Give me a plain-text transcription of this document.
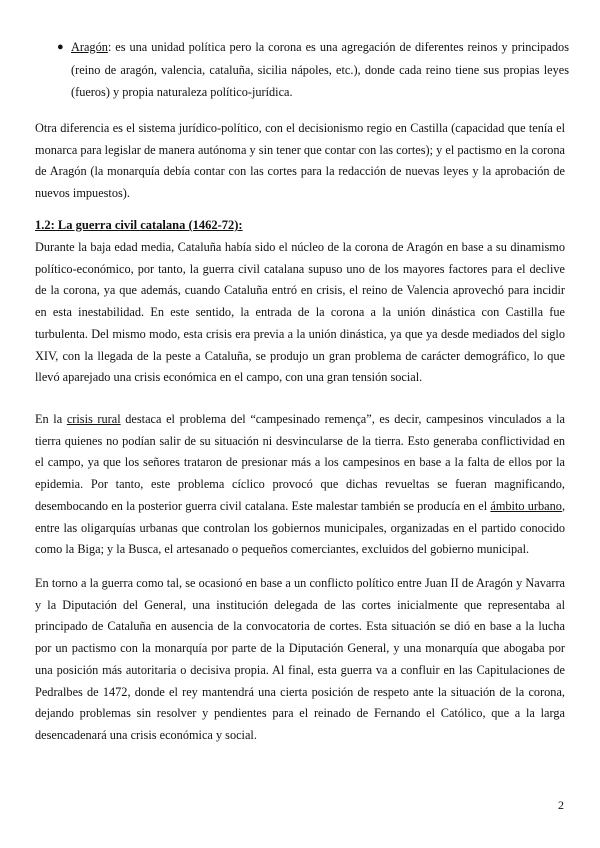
● Aragón: es una unidad política pero la corona es una agregación de diferentes reinos y principados (reino de aragón, valencia, cataluña, sicilia nápoles, etc.), donde cada reino tiene sus propias leyes (fueros) y propia naturaleza político-jurídica.

Otra diferencia es el sistema jurídico-político, con el decisionismo regio en Castilla (capacidad que tenía el monarca para legislar de manera autónoma y sin tener que contar con las cortes); y el pactismo en la corona de Aragón (la monarquía debía contar con las cortes para la redacción de nuevas leyes y la aprobación de nuevos impuestos).

1.2: La guerra civil catalana (1462-72):

Durante la baja edad media, Cataluña había sido el núcleo de la corona de Aragón en base a su dinamismo político-económico, por tanto, la guerra civil catalana supuso uno de los mayores factores para el declive de la corona, ya que además, cuando Cataluña entró en crisis, el reino de Valencia aprovechó para incidir en esta inestabilidad. En este sentido, la entrada de la corona a la unión dinástica con Castilla fue turbulenta. Del mismo modo, esta crisis era previa a la unión dinástica, ya que ya desde mediados del siglo XIV, con la llegada de la peste a Cataluña, se produjo un gran problema de carácter demográfico, lo que llevó aparejado una crisis económica en el campo, con una gran tensión social.

En la crisis rural destaca el problema del “campesinado remença”, es decir, campesinos vinculados a la tierra quienes no podían salir de su situación ni desvincularse de la tierra. Esto generaba conflictividad en el campo, ya que los señores trataron de presionar más a los campesinos en base a la falta de ellos por la epidemia. Por tanto, este problema cíclico provocó que dichas revueltas se fueran magnificando, desembocando en la posterior guerra civil catalana. Este malestar también se producía en el ámbito urbano, entre las oligarquías urbanas que controlan los gobiernos municipales, organizadas en el partido conocido como la Biga; y la Busca, el artesanado o pequeños comerciantes, excluidos del gobierno municipal.

En torno a la guerra como tal, se ocasionó en base a un conflicto político entre Juan II de Aragón y Navarra y la Diputación del General, una institución delegada de las cortes inicialmente que representaba al principado de Cataluña en ausencia de la convocatoria de cortes. Esta situación se dió en base a la lucha por un pactismo con la monarquía por parte de la Diputación General, y una monarquía que abogaba por una posición más autoritaria o decisiva propia. Al final, esta guerra va a confluir en las Capitulaciones de Pedralbes de 1472, donde el rey mantendrá una cierta posición de respeto ante la situación de la corona, dejando problemas sin resolver y pendientes para el reinado de Fernando el Católico, que a la larga desencadenará una crisis económica y social.

2
